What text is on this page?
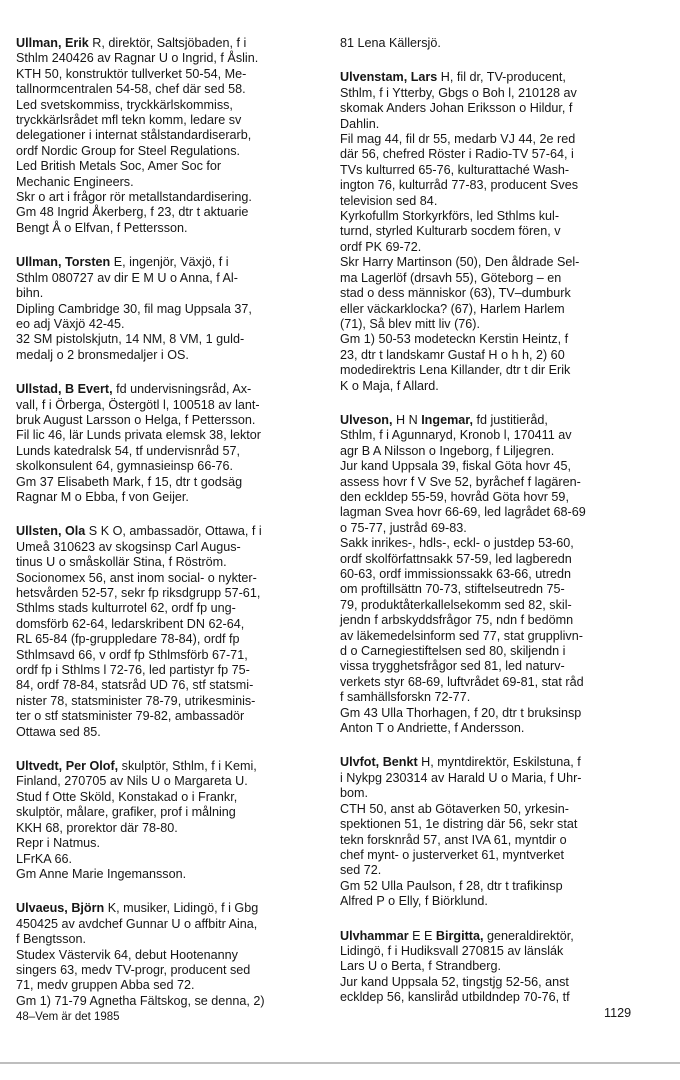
Ullman, Erik R, direktör, Saltsjöbaden, f i
Sthlm 240426 av Ragnar U o Ingrid, f Åslin.
KTH 50, konstruktör tullverket 50-54, Me-
tallnormcentralen 54-58, chef där sed 58.
Led svetskommiss, tryckkärlskommiss,
tryckkärlsrådet mfl tekn komm, ledare sv
delegationer i internat stålstandardiserarb,
ordf Nordic Group for Steel Regulations.
Led British Metals Soc, Amer Soc for
Mechanic Engineers.
Skr o art i frågor rör metallstandardisering.
Gm 48 Ingrid Åkerberg, f 23, dtr t aktuarie
Bengt Å o Elfvan, f Pettersson.
Ullman, Torsten E, ingenjör, Växjö, f i
Sthlm 080727 av dir E M U o Anna, f Al-
bihn.
Dipling Cambridge 30, fil mag Uppsala 37,
eo adj Växjö 42-45.
32 SM pistolskjutn, 14 NM, 8 VM, 1 guld-
medalj o 2 bronsmedaljer i OS.
Ullstad, B Evert, fd undervisningsråd, Ax-
vall, f i Örberga, Östergötl l, 100518 av lant-
bruk August Larsson o Helga, f Pettersson.
Fil lic 46, lär Lunds privata elemsk 38, lektor
Lunds katedralsk 54, tf undervisnråd 57,
skolkonsulent 64, gymnasieinsp 66-76.
Gm 37 Elisabeth Mark, f 15, dtr t godsäg
Ragnar M o Ebba, f von Geijer.
Ullsten, Ola S K O, ambassadör, Ottawa, f i
Umeå 310623 av skogsinsp Carl Augus-
tinus U o småskollär Stina, f Röström.
Socionomex 56, anst inom social- o nykter-
hetsvården 52-57, sekr fp riksdgrupp 57-61,
Sthlms stads kulturrotel 62, ordf fp ung-
domsförb 62-64, ledarskribent DN 62-64,
RL 65-84 (fp-gruppledare 78-84), ordf fp
Sthlmsavd 66, v ordf fp Sthlmsförb 67-71,
ordf fp i Sthlms l 72-76, led partistyr fp 75-
84, ordf 78-84, statsråd UD 76, stf statsmi-
nister 78, statsminister 78-79, utrikesminis-
ter o stf statsminister 79-82, ambassadör
Ottawa sed 85.
Ultvedt, Per Olof, skulptör, Sthlm, f i Kemi,
Finland, 270705 av Nils U o Margareta U.
Stud f Otte Sköld, Konstakad o i Frankr,
skulptör, målare, grafiker, prof i målning
KKH 68, prorektor där 78-80.
Repr i Natmus.
LFrKA 66.
Gm Anne Marie Ingemansson.
Ulvaeus, Björn K, musiker, Lidingö, f i Gbg
450425 av avdchef Gunnar U o affbitr Aina,
f Bengtsson.
Studex Västervik 64, debut Hootenanny
singers 63, medv TV-progr, producent sed
71, medv gruppen Abba sed 72.
Gm 1) 71-79 Agnetha Fältskog, se denna, 2)
81 Lena Källersjö.
Ulvenstam, Lars H, fil dr, TV-producent,
Sthlm, f i Ytterby, Gbgs o Boh l, 210128 av
skomak Anders Johan Eriksson o Hildur, f
Dahlin.
Fil mag 44, fil dr 55, medarb VJ 44, 2e red
där 56, chefred Röster i Radio-TV 57-64, i
TVs kulturred 65-76, kulturattaché Wash-
ington 76, kulturråd 77-83, producent Sves
television sed 84.
Kyrkofullm Storkyrkförs, led Sthlms kul-
turnd, styrled Kulturarb socdem fören, v
ordf PK 69-72.
Skr Harry Martinson (50), Den åldrade Sel-
ma Lagerlöf (drsavh 55), Göteborg – en
stad o dess människor (63), TV–dumburk
eller väckarklocka? (67), Harlem Harlem
(71), Så blev mitt liv (76).
Gm 1) 50-53 modeteckn Kerstin Heintz, f
23, dtr t landskamr Gustaf H o h h, 2) 60
modedirektris Lena Killander, dtr t dir Erik
K o Maja, f Allard.
Ulveson, H N Ingemar, fd justitieråd,
Sthlm, f i Agunnaryd, Kronob l, 170411 av
agr B A Nilsson o Ingeborg, f Liljegren.
Jur kand Uppsala 39, fiskal Göta hovr 45,
assess hovr f V Sve 52, byråchef f lagären-
den eckldep 55-59, hovråd Göta hovr 59,
lagman Svea hovr 66-69, led lagrådet 68-69
o 75-77, justråd 69-83.
Sakk inrikes-, hdls-, eckl- o justdep 53-60,
ordf skolförfattnsakk 57-59, led lagberedn
60-63, ordf immissionssakk 63-66, utredn
om proftillsättn 70-73, stiftelseutredn 75-
79, produktåterkallelsekomm sed 82, skil-
jendn f arbskyddsfrågor 75, ndn f bedömn
av läkemedelsinform sed 77, stat grupplivn-
d o Carnegiestiftelsen sed 80, skiljendn i
vissa trygghetsfrågor sed 81, led naturv-
verkets styr 68-69, luftvrådet 69-81, stat råd
f samhällsforskn 72-77.
Gm 43 Ulla Thorhagen, f 20, dtr t bruksinsp
Anton T o Andriette, f Andersson.
Ulvfot, Benkt H, myntdirektör, Eskilstuna, f
i Nykpg 230314 av Harald U o Maria, f Uhr-
bom.
CTH 50, anst ab Götaverken 50, yrkesin-
spektionen 51, 1e distring där 56, sekr stat
tekn forsknråd 57, anst IVA 61, myntdir o
chef mynt- o justerverket 61, myntverket
sed 72.
Gm 52 Ulla Paulson, f 28, dtr t trafikinsp
Alfred P o Elly, f Biörklund.
Ulvhammar E E Birgitta, generaldirektör,
Lidingö, f i Hudiksvall 270815 av länslák
Lars U o Berta, f Strandberg.
Jur kand Uppsala 52, tingstjg 52-56, anst
eckldep 56, kansliråd utbildndep 70-76, tf
48–Vem är det 1985	1129
